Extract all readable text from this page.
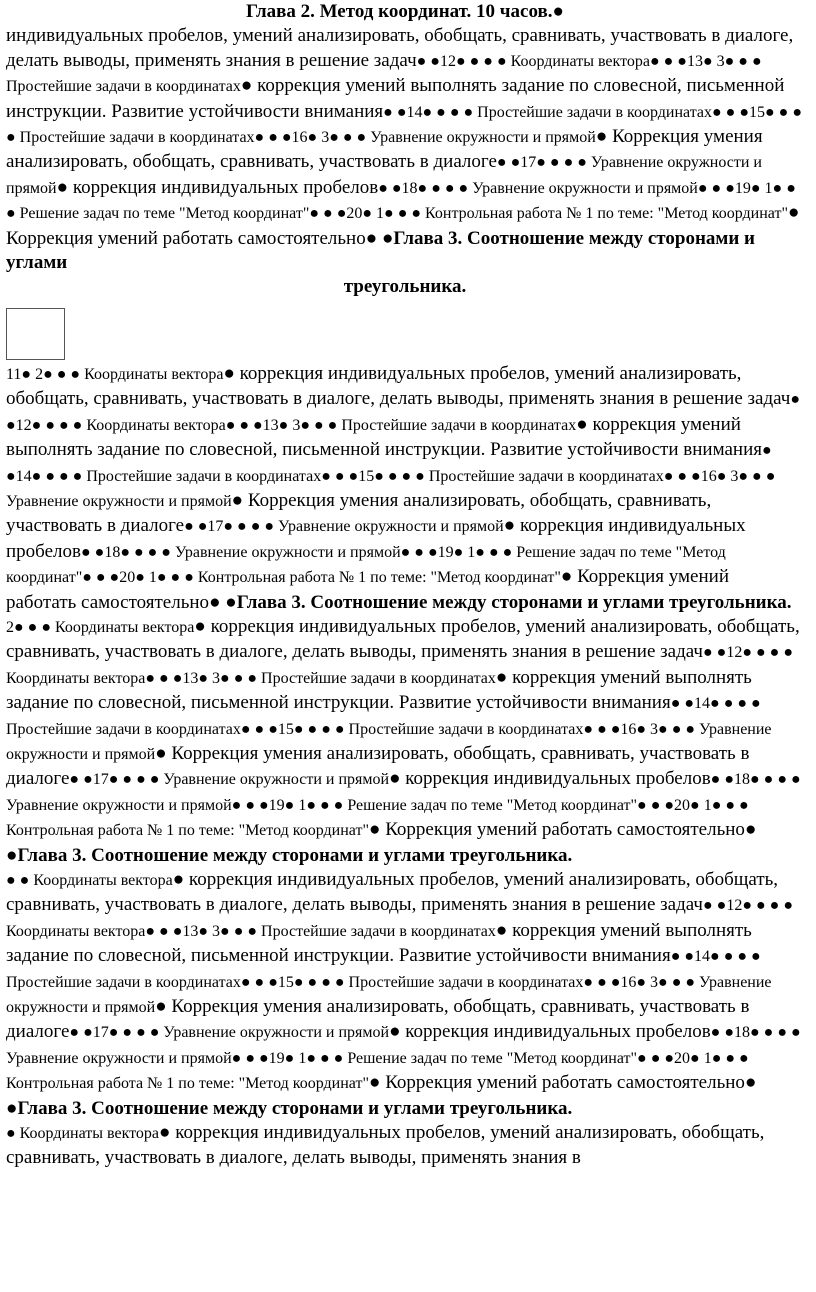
Глава 2. Метод координат. 10 часов.●

индивидуальных пробелов, умений анализировать, обобщать, сравнивать, участвовать в диалоге, делать выводы, применять знания в решение задач● ●12● ● ● ● Координаты вектора● ● ●13● 3● ● ● Простейшие задачи в координатах● коррекция умений выполнять задание по словесной, письменной инструкции. Развитие устойчивости внимания● ●14● ● ● ● Простейшие задачи в координатах● ● ●15● ● ● ● Простейшие задачи в координатах● ● ●16● 3● ● ● Уравнение окружности и прямой● Коррекция умения анализировать, обобщать, сравнивать, участвовать в диалоге● ●17● ● ● ● Уравнение окружности и прямой● коррекция индивидуальных пробелов● ●18● ● ● ● Уравнение окружности и прямой● ● ●19● 1● ● ● Решение задач по теме "Метод координат"● ● ●20● 1● ● ● Контрольная работа № 1 по теме: "Метод координат"● Коррекция умений работать самостоятельно● ●Глава 3. Соотношение между сторонами и углами

треугольника.

11● 2● ● ● Координаты вектора● коррекция индивидуальных пробелов, умений анализировать, обобщать, сравнивать, участвовать в диалоге, делать выводы, применять знания в решение задач● ●12● ● ● ● Координаты вектора● ● ●13● 3● ● ● Простейшие задачи в координатах● коррекция умений выполнять задание по словесной, письменной инструкции. Развитие устойчивости внимания● ●14● ● ● ● Простейшие задачи в координатах● ● ●15● ● ● ● Простейшие задачи в координатах● ● ●16● 3● ● ● Уравнение окружности и прямой● Коррекция умения анализировать, обобщать, сравнивать, участвовать в диалоге● ●17● ● ● ● Уравнение окружности и прямой● коррекция индивидуальных пробелов● ●18● ● ● ● Уравнение окружности и прямой● ● ●19● 1● ● ● Решение задач по теме "Метод координат"● ● ●20● 1● ● ● Контрольная работа № 1 по теме: "Метод координат"● Коррекция умений работать самостоятельно● ●Глава 3. Соотношение между сторонами и углами треугольника.

2● ● ● Координаты вектора● коррекция индивидуальных пробелов, умений анализировать, обобщать, сравнивать, участвовать в диалоге, делать выводы, применять знания в решение задач● ●12● ● ● ● Координаты вектора● ● ●13● 3● ● ● Простейшие задачи в координатах● коррекция умений выполнять задание по словесной, письменной инструкции. Развитие устойчивости внимания● ●14● ● ● ● Простейшие задачи в координатах● ● ●15● ● ● ● Простейшие задачи в координатах● ● ●16● 3● ● ● Уравнение окружности и прямой● Коррекция умения анализировать, обобщать, сравнивать, участвовать в диалоге● ●17● ● ● ● Уравнение окружности и прямой● коррекция индивидуальных пробелов● ●18● ● ● ● Уравнение окружности и прямой● ● ●19● 1● ● ● Решение задач по теме "Метод координат"● ● ●20● 1● ● ● Контрольная работа № 1 по теме: "Метод координат"● Коррекция умений работать самостоятельно● ●Глава 3. Соотношение между сторонами и углами треугольника.

● ● Координаты вектора● коррекция индивидуальных пробелов, умений анализировать, обобщать, сравнивать, участвовать в диалоге, делать выводы, применять знания в решение задач● ●12● ● ● ● Координаты вектора● ● ●13● 3● ● ● Простейшие задачи в координатах● коррекция умений выполнять задание по словесной, письменной инструкции. Развитие устойчивости внимания● ●14● ● ● ● Простейшие задачи в координатах● ● ●15● ● ● ● Простейшие задачи в координатах● ● ●16● 3● ● ● Уравнение окружности и прямой● Коррекция умения анализировать, обобщать, сравнивать, участвовать в диалоге● ●17● ● ● ● Уравнение окружности и прямой● коррекция индивидуальных пробелов● ●18● ● ● ● Уравнение окружности и прямой● ● ●19● 1● ● ● Решение задач по теме "Метод координат"● ● ●20● 1● ● ● Контрольная работа № 1 по теме: "Метод координат"● Коррекция умений работать самостоятельно● ●Глава 3. Соотношение между сторонами и углами треугольника.

● Координаты вектора● коррекция индивидуальных пробелов, умений анализировать, обобщать, сравнивать, участвовать в диалоге, делать выводы, применять знания в
